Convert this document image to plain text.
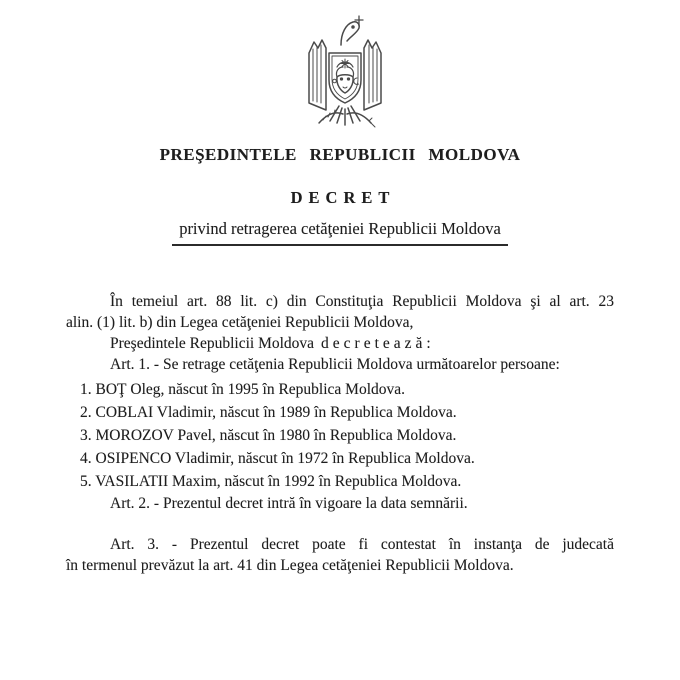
PREŞEDINTELE REPUBLICII MOLDOVA
DECRET
privind retragerea cetăţeniei Republicii Moldova

În temeiul art. 88 lit. c) din Constituţia Republicii Moldova şi al art. 23

alin. (1) lit. b) din Legea cetăţeniei Republicii Moldova,

Preşedintele Republicii Moldova decretează:

Art. 1. - Se retrage cetăţenia Republicii Moldova următoarelor persoane:

1. BOŢ Oleg, născut în 1995 în Republica Moldova.
2. COBLAI Vladimir, născut în 1989 în Republica Moldova.
3. MOROZOV Pavel, născut în 1980 în Republica Moldova.
4. OSIPENCO Vladimir, născut în 1972 în Republica Moldova.
5. VASILATII Maxim, născut în 1992 în Republica Moldova.

Art. 2. - Prezentul decret intră în vigoare la data semnării.

Art. 3. - Prezentul decret poate fi contestat în instanţa de judecată

în termenul prevăzut la art. 41 din Legea cetăţeniei Republicii Moldova.
